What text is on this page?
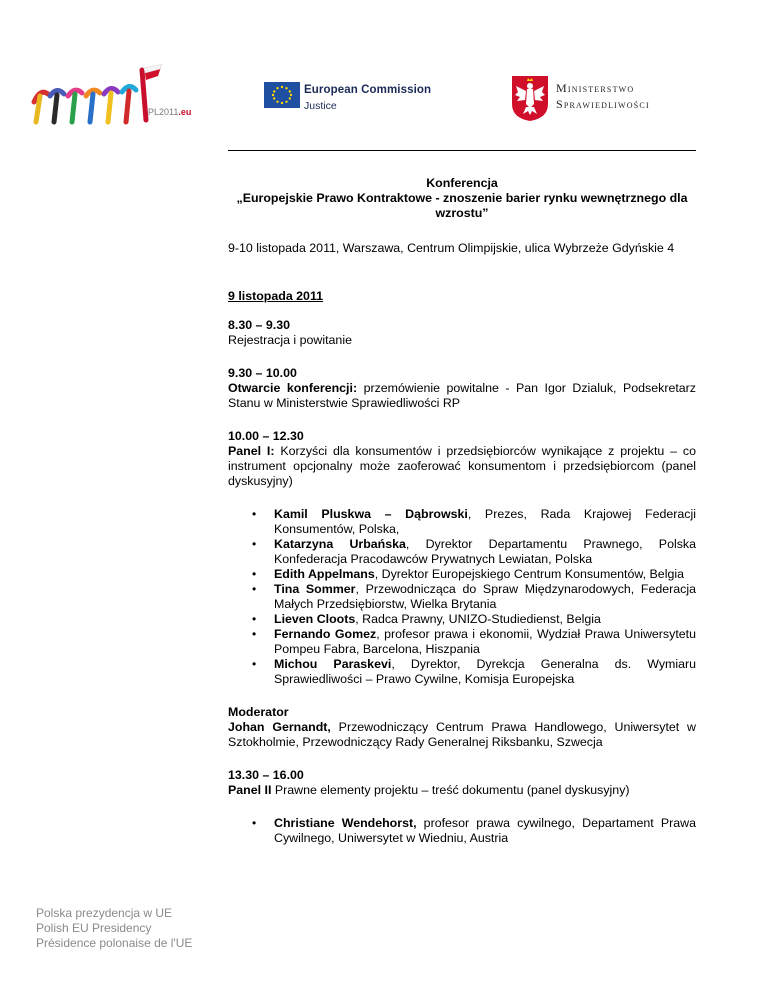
PL2011.eu
European Commission
Justice
Ministerstwo
Sprawiedliwości
Konferencja
„Europejskie Prawo Kontraktowe - znoszenie barier rynku wewnętrznego dla wzrostu”

9-10 listopada 2011, Warszawa, Centrum Olimpijskie, ulica Wybrzeże Gdyńskie 4

9 listopada 2011

8.30 – 9.30
Rejestracja i powitanie
9.30 – 10.00
Otwarcie konferencji: przemówienie powitalne - Pan Igor Dzialuk, Podsekretarz Stanu w Ministerstwie Sprawiedliwości RP
10.00 – 12.30
Panel I: Korzyści dla konsumentów i przedsiębiorców wynikające z projektu – co instrument opcjonalny może zaoferować konsumentom i przedsiębiorcom (panel dyskusyjny)
• Kamil Pluskwa – Dąbrowski, Prezes, Rada Krajowej Federacji Konsumentów, Polska,
• Katarzyna Urbańska, Dyrektor Departamentu Prawnego, Polska Konfederacja Pracodawców Prywatnych Lewiatan, Polska
• Edith Appelmans, Dyrektor Europejskiego Centrum Konsumentów, Belgia
• Tina Sommer, Przewodnicząca do Spraw Międzynarodowych, Federacja Małych Przedsiębiorstw, Wielka Brytania
• Lieven Cloots, Radca Prawny, UNIZO-Studiedienst, Belgia
• Fernando Gomez, profesor prawa i ekonomii, Wydział Prawa Uniwersytetu Pompeu Fabra, Barcelona, Hiszpania
• Michou Paraskevi, Dyrektor, Dyrekcja Generalna ds. Wymiaru Sprawiedliwości – Prawo Cywilne, Komisja Europejska
Moderator
Johan Gernandt, Przewodniczący Centrum Prawa Handlowego, Uniwersytet w Sztokholmie, Przewodniczący Rady Generalnej Riksbanku, Szwecja
13.30 – 16.00
Panel II Prawne elementy projektu – treść dokumentu (panel dyskusyjny)
• Christiane Wendehorst, profesor prawa cywilnego, Departament Prawa Cywilnego, Uniwersytet w Wiedniu, Austria
Polska prezydencja w UE
Polish EU Presidency
Présidence polonaise de l'UE
